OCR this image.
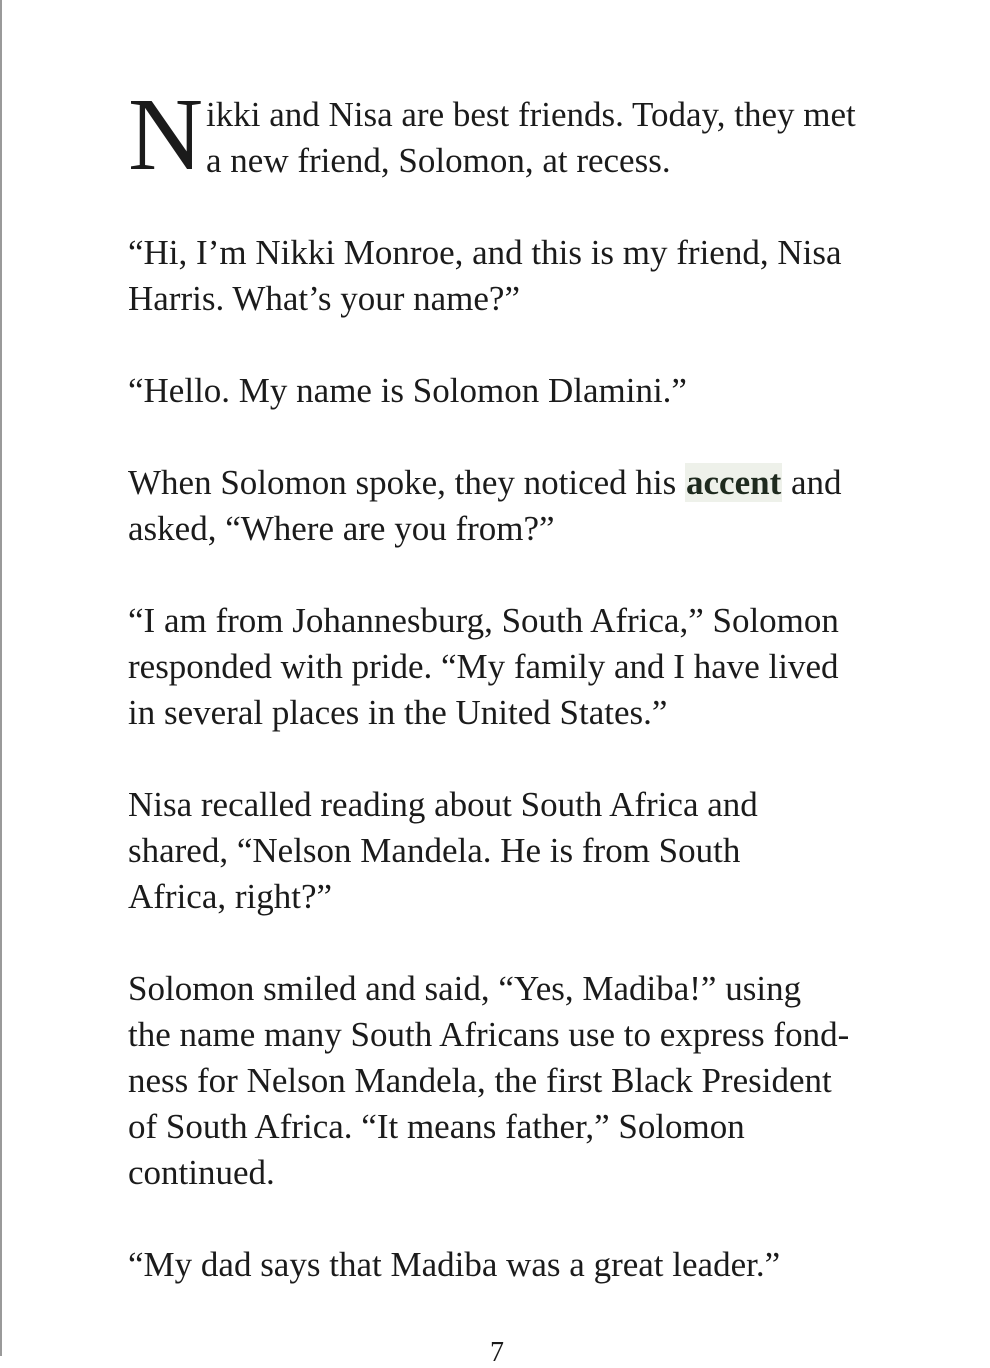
N ikki and Nisa are best friends. Today, they met
a new friend, Solomon, at recess.

“Hi, I’m Nikki Monroe, and this is my friend, Nisa
Harris. What’s your name?”

“Hello. My name is Solomon Dlamini.”

When Solomon spoke, they noticed his accent and
asked, “Where are you from?”

“I am from Johannesburg, South Africa,” Solomon
responded with pride. “My family and I have lived
in several places in the United States.”

Nisa recalled reading about South Africa and
shared, “Nelson Mandela. He is from South
Africa, right?”

Solomon smiled and said, “Yes, Madiba!” using
the name many South Africans use to express fond-
ness for Nelson Mandela, the first Black President
of South Africa. “It means father,” Solomon
continued.

“My dad says that Madiba was a great leader.”

7
